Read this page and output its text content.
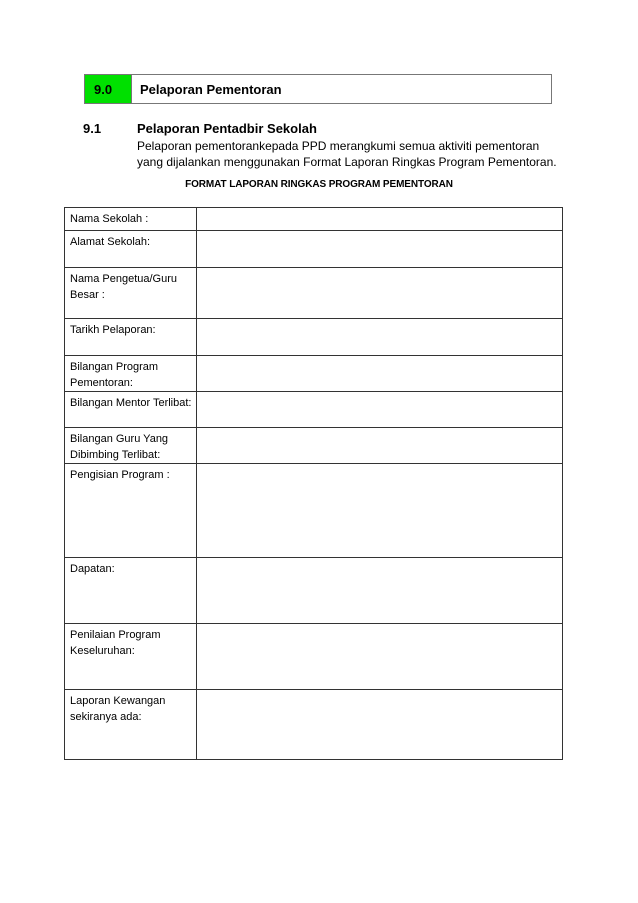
9.0	Pelaporan Pementoran
9.1	Pelaporan Pentadbir Sekolah
Pelaporan pementorankepada PPD merangkumi semua aktiviti pementoran yang dijalankan menggunakan Format Laporan Ringkas Program Pementoran.
FORMAT LAPORAN RINGKAS PROGRAM PEMENTORAN
Nama Sekolah :	
Alamat Sekolah:	
Nama Pengetua/Guru Besar :	
Tarikh Pelaporan:	
Bilangan Program Pementoran:	
Bilangan Mentor Terlibat:	
Bilangan Guru Yang Dibimbing Terlibat:	
Pengisian Program :	
Dapatan:	
Penilaian Program Keseluruhan:	
Laporan Kewangan sekiranya ada:	
